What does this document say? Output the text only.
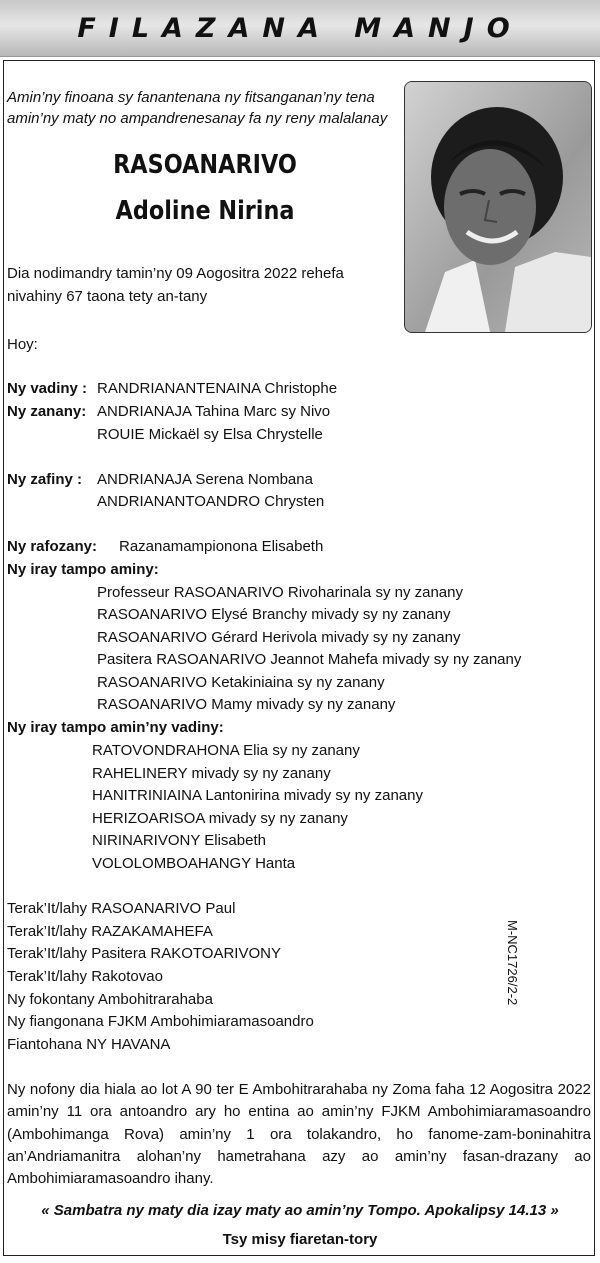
FILAZANA MANJO
Amin’ny finoana sy fanantenana ny fitsanganan’ny tena
amin’ny maty no ampandrenesanay fa ny reny malalanay
RASOANARIVO
Adoline Nirina
Dia nodimandry tamin’ny 09 Aogositra 2022 rehefa
nivahiny 67 taona tety an-tany
Hoy:
Ny vadiny : RANDRIANANTENAINA Christophe
Ny zanany: ANDRIANAJA Tahina Marc sy Nivo
ROUIE Mickaël sy Elsa Chrystelle
Ny zafiny : ANDRIANAJA Serena Nombana
ANDRIANANTOANDRO Chrysten
Ny rafozany: Razanamampionona Elisabeth
Ny iray tampo aminy:
Professeur RASOANARIVO Rivoharinala sy ny zanany
RASOANARIVO Elysé Branchy mivady sy ny zanany
RASOANARIVO Gérard Herivola mivady sy ny zanany
Pasitera RASOANARIVO Jeannot Mahefa mivady sy ny zanany
RASOANARIVO Ketakiniaina sy ny zanany
RASOANARIVO Mamy mivady sy ny zanany
Ny iray tampo amin’ny vadiny:
RATOVONDRAHONA Elia sy ny zanany
RAHELINERY mivady sy ny zanany
HANITRINIAINA Lantonirina mivady sy ny zanany
HERIZOARISOA mivady sy ny zanany
NIRINARIVONY Elisabeth
VOLOLOMBOAHANGY Hanta
Terak’It/lahy RASOANARIVO Paul
Terak’It/lahy RAZAKAMAHEFA
Terak’It/lahy Pasitera RAKOTOARIVONY
Terak’It/lahy Rakotovao
Ny fokontany Ambohitrarahaba
Ny fiangonana FJKM Ambohimiaramasoandro
Fiantohana NY HAVANA
M-NC1726/2-2
Ny nofony dia hiala ao lot A 90 ter E Ambohitrarahaba ny Zoma faha 12 Aogositra 2022 amin’ny 11 ora antoandro ary ho entina ao amin’ny FJKM Ambohimiaramasoandro (Ambohimanga Rova) amin’ny 1 ora tolakandro, ho fanome-zam-boninahitra an’Andriamanitra alohan’ny hametrahana azy ao amin’ny fasan-drazany ao Ambohimiaramasoandro ihany.
« Sambatra ny maty dia izay maty ao amin’ny Tompo. Apokalipsy 14.13 »
Tsy misy fiaretan-tory
